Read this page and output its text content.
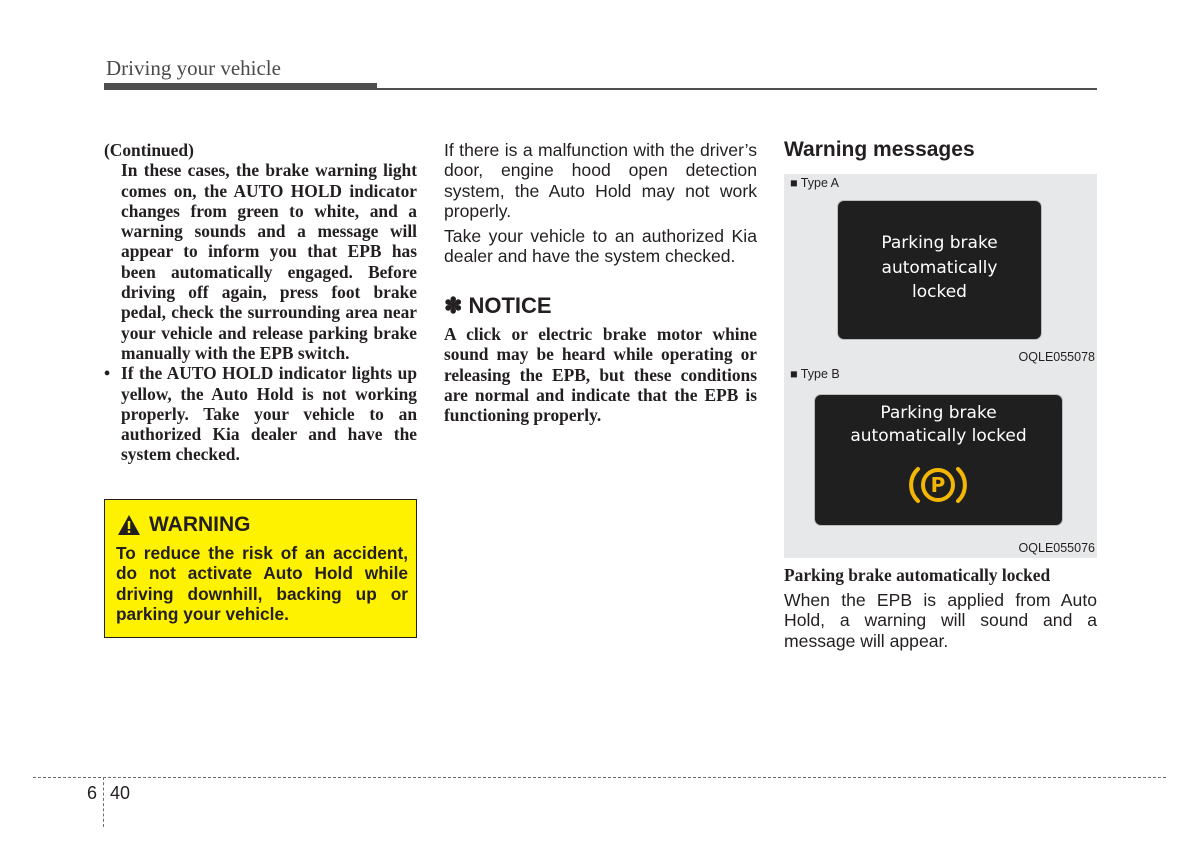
Driving your vehicle

(Continued)

In these cases, the brake warning light comes on, the AUTO HOLD indicator changes from green to white, and a warning sounds and a message will appear to inform you that EPB has been automatically engaged. Before driving off again, press foot brake pedal, check the surrounding area near your vehicle and release parking brake manually with the EPB switch.

• If the AUTO HOLD indicator lights up yellow, the Auto Hold is not working properly. Take your vehicle to an authorized Kia dealer and have the system checked.

WARNING
To reduce the risk of an accident, do not activate Auto Hold while driving downhill, backing up or parking your vehicle.

If there is a malfunction with the driver’s door, engine hood open detection system, the Auto Hold may not work properly.

Take your vehicle to an authorized Kia dealer and have the system checked.

✽ NOTICE
A click or electric brake motor whine sound may be heard while operating or releasing the EPB, but these conditions are normal and indicate that the EPB is functioning properly.
Warning messages
■ Type A
Parking brake
automatically
locked
OQLE055078
■ Type B
Parking brake
automatically locked
P
OQLE055076
Parking brake automatically locked
When the EPB is applied from Auto Hold, a warning will sound and a message will appear.
6 40
